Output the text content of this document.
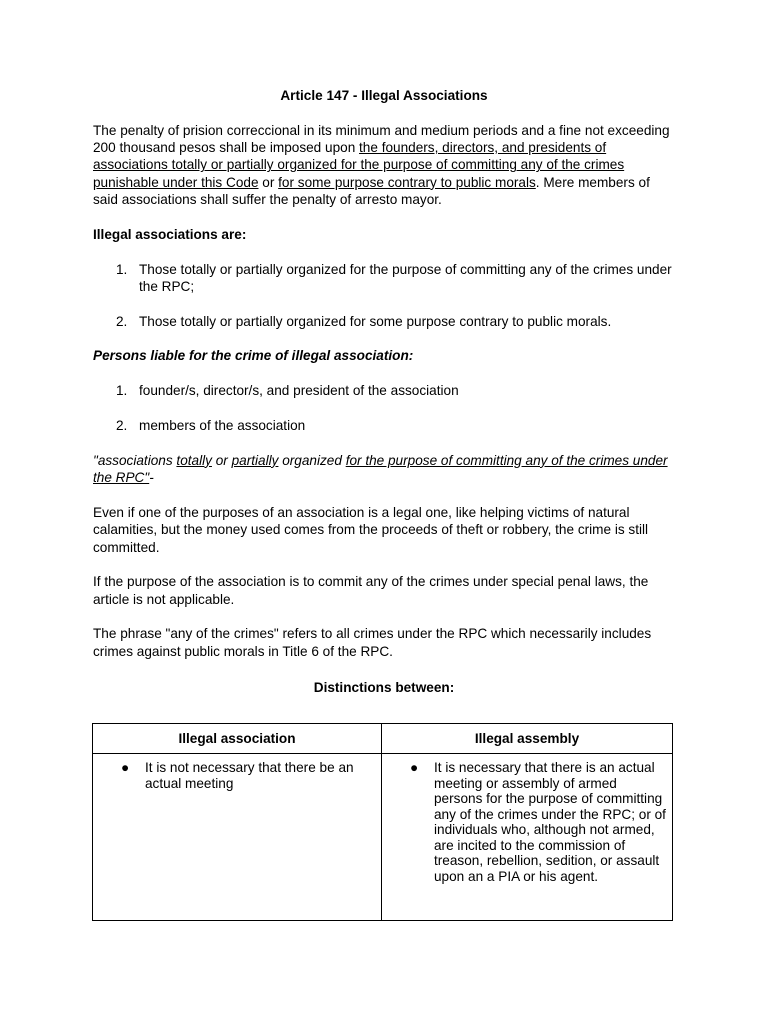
Article 147 - Illegal Associations

The penalty of prision correccional in its minimum and medium periods and a fine not exceeding 200 thousand pesos shall be imposed upon the founders, directors, and presidents of associations totally or partially organized for the purpose of committing any of the crimes punishable under this Code or for some purpose contrary to public morals. Mere members of said associations shall suffer the penalty of arresto mayor.

Illegal associations are:

1. Those totally or partially organized for the purpose of committing any of the crimes under the RPC;
2. Those totally or partially organized for some purpose contrary to public morals.

Persons liable for the crime of illegal association:

1. founder/s, director/s, and president of the association
2. members of the association

"associations totally or partially organized for the purpose of committing any of the crimes under the RPC"-

Even if one of the purposes of an association is a legal one, like helping victims of natural calamities, but the money used comes from the proceeds of theft or robbery, the crime is still committed.

If the purpose of the association is to commit any of the crimes under special penal laws, the article is not applicable.

The phrase "any of the crimes" refers to all crimes under the RPC which necessarily includes crimes against public morals in Title 6 of the RPC.

Distinctions between:

Illegal association	Illegal assembly
● It is not necessary that there be an actual meeting
● It is necessary that there is an actual meeting or assembly of armed persons for the purpose of committing any of the crimes under the RPC; or of individuals who, although not armed, are incited to the commission of treason, rebellion, sedition, or assault upon an a PIA or his agent.
